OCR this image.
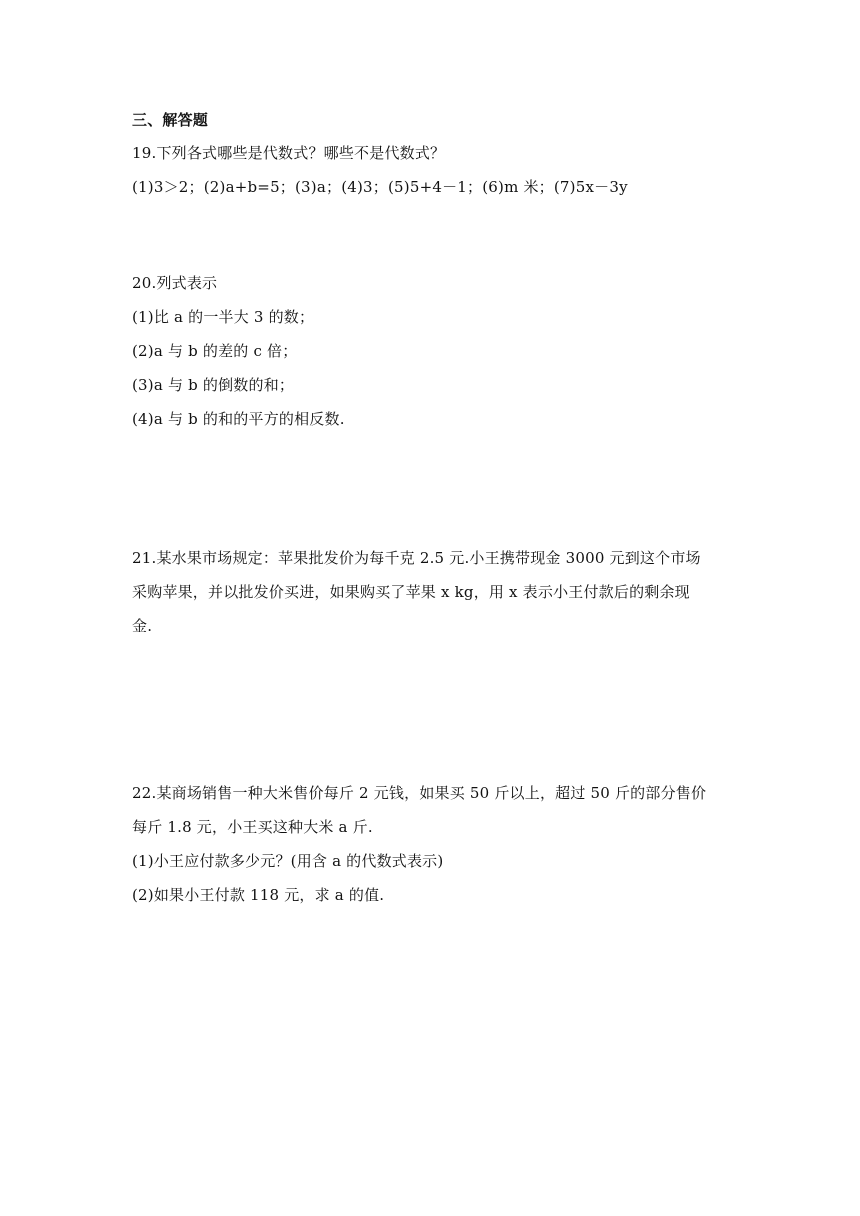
三、解答题
19.下列各式哪些是代数式？哪些不是代数式？
(1)3＞2；(2)a+b=5；(3)a；(4)3；(5)5+4－1；(6)m 米；(7)5x－3y
20.列式表示
(1)比 a 的一半大 3 的数；
(2)a 与 b 的差的 c 倍；
(3)a 与 b 的倒数的和；
(4)a 与 b 的和的平方的相反数.
21.某水果市场规定：苹果批发价为每千克 2.5 元.小王携带现金 3000 元到这个市场
采购苹果，并以批发价买进，如果购买了苹果 x kg，用 x 表示小王付款后的剩余现
金.
22.某商场销售一种大米售价每斤 2 元钱，如果买 50 斤以上，超过 50 斤的部分售价
每斤 1.8 元，小王买这种大米 a 斤.
(1)小王应付款多少元？(用含 a 的代数式表示)
(2)如果小王付款 118 元，求 a 的值.
